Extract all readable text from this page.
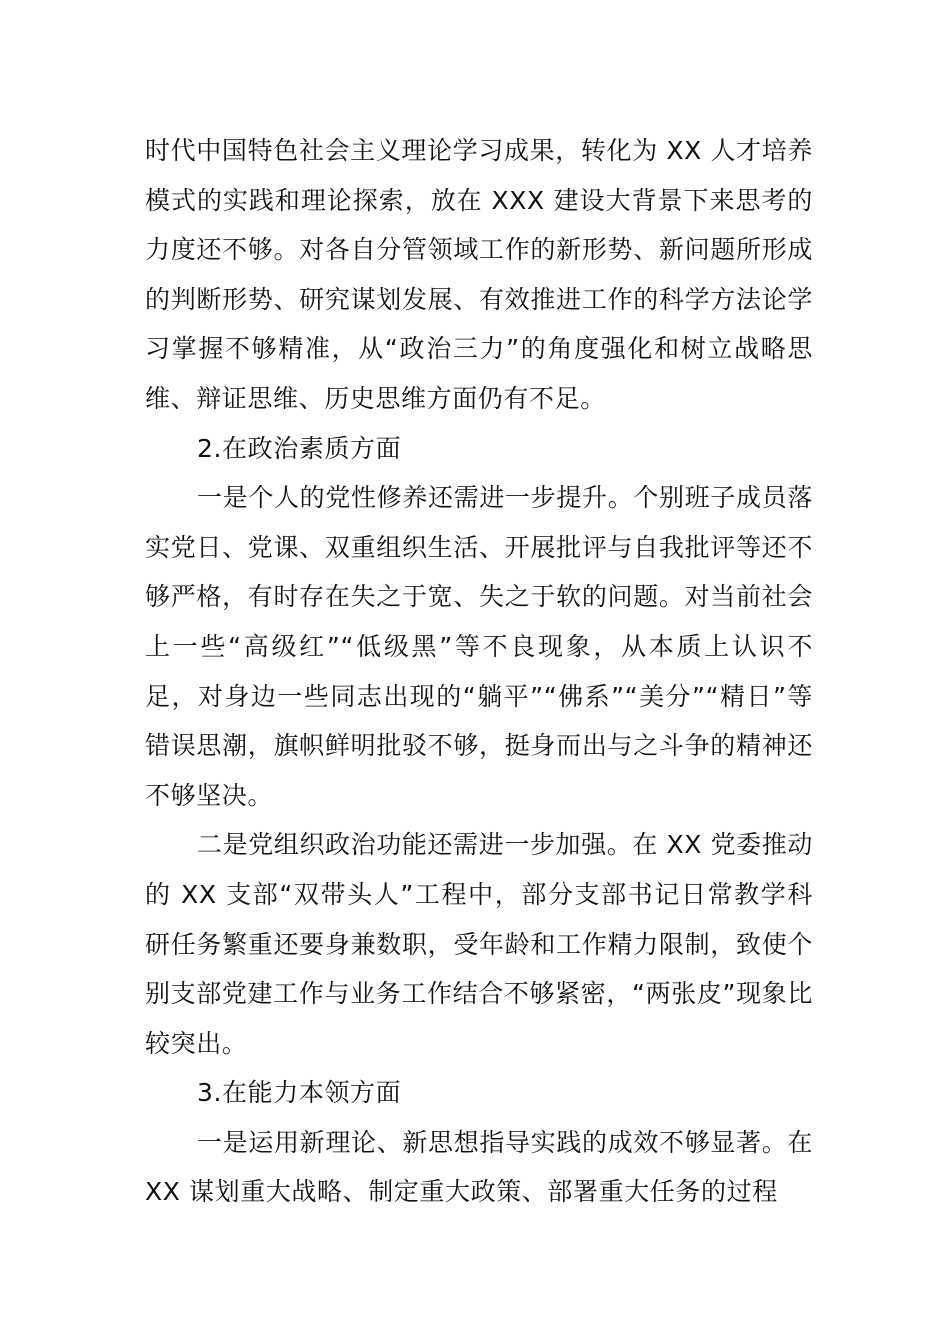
时代中国特色社会主义理论学习成果，转化为 XX 人才培养模式的实践和理论探索，放在 XXX 建设大背景下来思考的力度还不够。对各自分管领域工作的新形势、新问题所形成的判断形势、研究谋划发展、有效推进工作的科学方法论学习掌握不够精准，从“政治三力”的角度强化和树立战略思维、辩证思维、历史思维方面仍有不足。

2.在政治素质方面

一是个人的党性修养还需进一步提升。个别班子成员落实党日、党课、双重组织生活、开展批评与自我批评等还不够严格，有时存在失之于宽、失之于软的问题。对当前社会上一些“高级红”“低级黑”等不良现象，从本质上认识不足，对身边一些同志出现的“躺平”“佛系”“美分”“精日”等错误思潮，旗帜鲜明批驳不够，挺身而出与之斗争的精神还不够坚决。

二是党组织政治功能还需进一步加强。在 XX 党委推动的 XX 支部“双带头人”工程中，部分支部书记日常教学科研任务繁重还要身兼数职，受年龄和工作精力限制，致使个别支部党建工作与业务工作结合不够紧密，“两张皮”现象比较突出。

3.在能力本领方面

一是运用新理论、新思想指导实践的成效不够显著。在 XX 谋划重大战略、制定重大政策、部署重大任务的过程
